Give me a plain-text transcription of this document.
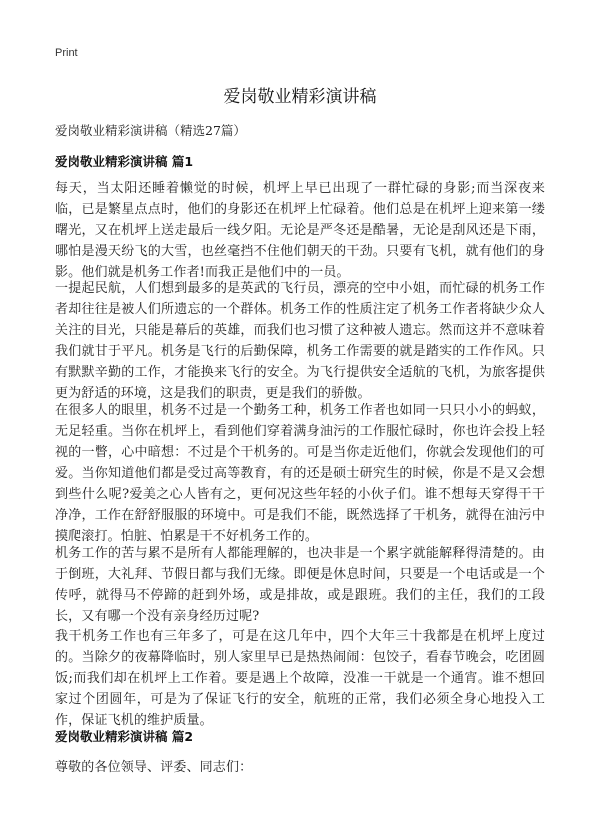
Print
爱岗敬业精彩演讲稿
爱岗敬业精彩演讲稿（精选27篇）
爱岗敬业精彩演讲稿 篇1

每天，当太阳还睡着懒觉的时候，机坪上早已出现了一群忙碌的身影;而当深夜来临，已是繁星点点时，他们的身影还在机坪上忙碌着。他们总是在机坪上迎来第一缕曙光，又在机坪上送走最后一线夕阳。无论是严冬还是酷暑，无论是刮风还是下雨，哪怕是漫天纷飞的大雪，也丝毫挡不住他们朝天的干劲。只要有飞机，就有他们的身影。他们就是机务工作者!而我正是他们中的一员。

一提起民航，人们想到最多的是英武的飞行员，漂亮的空中小姐，而忙碌的机务工作者却往往是被人们所遗忘的一个群体。机务工作的性质注定了机务工作者将缺少众人关注的目光，只能是幕后的英雄，而我们也习惯了这种被人遗忘。然而这并不意味着我们就甘于平凡。机务是飞行的后勤保障，机务工作需要的就是踏实的工作作风。只有默默辛勤的工作，才能换来飞行的安全。为飞行提供安全适航的飞机，为旅客提供更为舒适的环境，这是我们的职责，更是我们的骄傲。

在很多人的眼里，机务不过是一个勤务工种，机务工作者也如同一只只小小的蚂蚁，无足轻重。当你在机坪上，看到他们穿着满身油污的工作服忙碌时，你也许会投上轻视的一瞥，心中暗想：不过是个干机务的。可是当你走近他们，你就会发现他们的可爱。当你知道他们都是受过高等教育，有的还是硕士研究生的时候，你是不是又会想到些什么呢?爱美之心人皆有之，更何况这些年轻的小伙子们。谁不想每天穿得干干净净，工作在舒舒服服的环境中。可是我们不能，既然选择了干机务，就得在油污中摸爬滚打。怕脏、怕累是干不好机务工作的。

机务工作的苦与累不是所有人都能理解的，也决非是一个累字就能解释得清楚的。由于倒班，大礼拜、节假日都与我们无缘。即便是休息时间，只要是一个电话或是一个传呼，就得马不停蹄的赶到外场，或是排故，或是跟班。我们的主任，我们的工段长，又有哪一个没有亲身经历过呢?

我干机务工作也有三年多了，可是在这几年中，四个大年三十我都是在机坪上度过的。当除夕的夜幕降临时，别人家里早已是热热闹闹：包饺子，看春节晚会，吃团圆饭;而我们却在机坪上工作着。要是遇上个故障，没准一干就是一个通宵。谁不想回家过个团圆年，可是为了保证飞行的安全，航班的正常，我们必须全身心地投入工作，保证飞机的维护质量。

爱岗敬业精彩演讲稿 篇2

尊敬的各位领导、评委、同志们：
